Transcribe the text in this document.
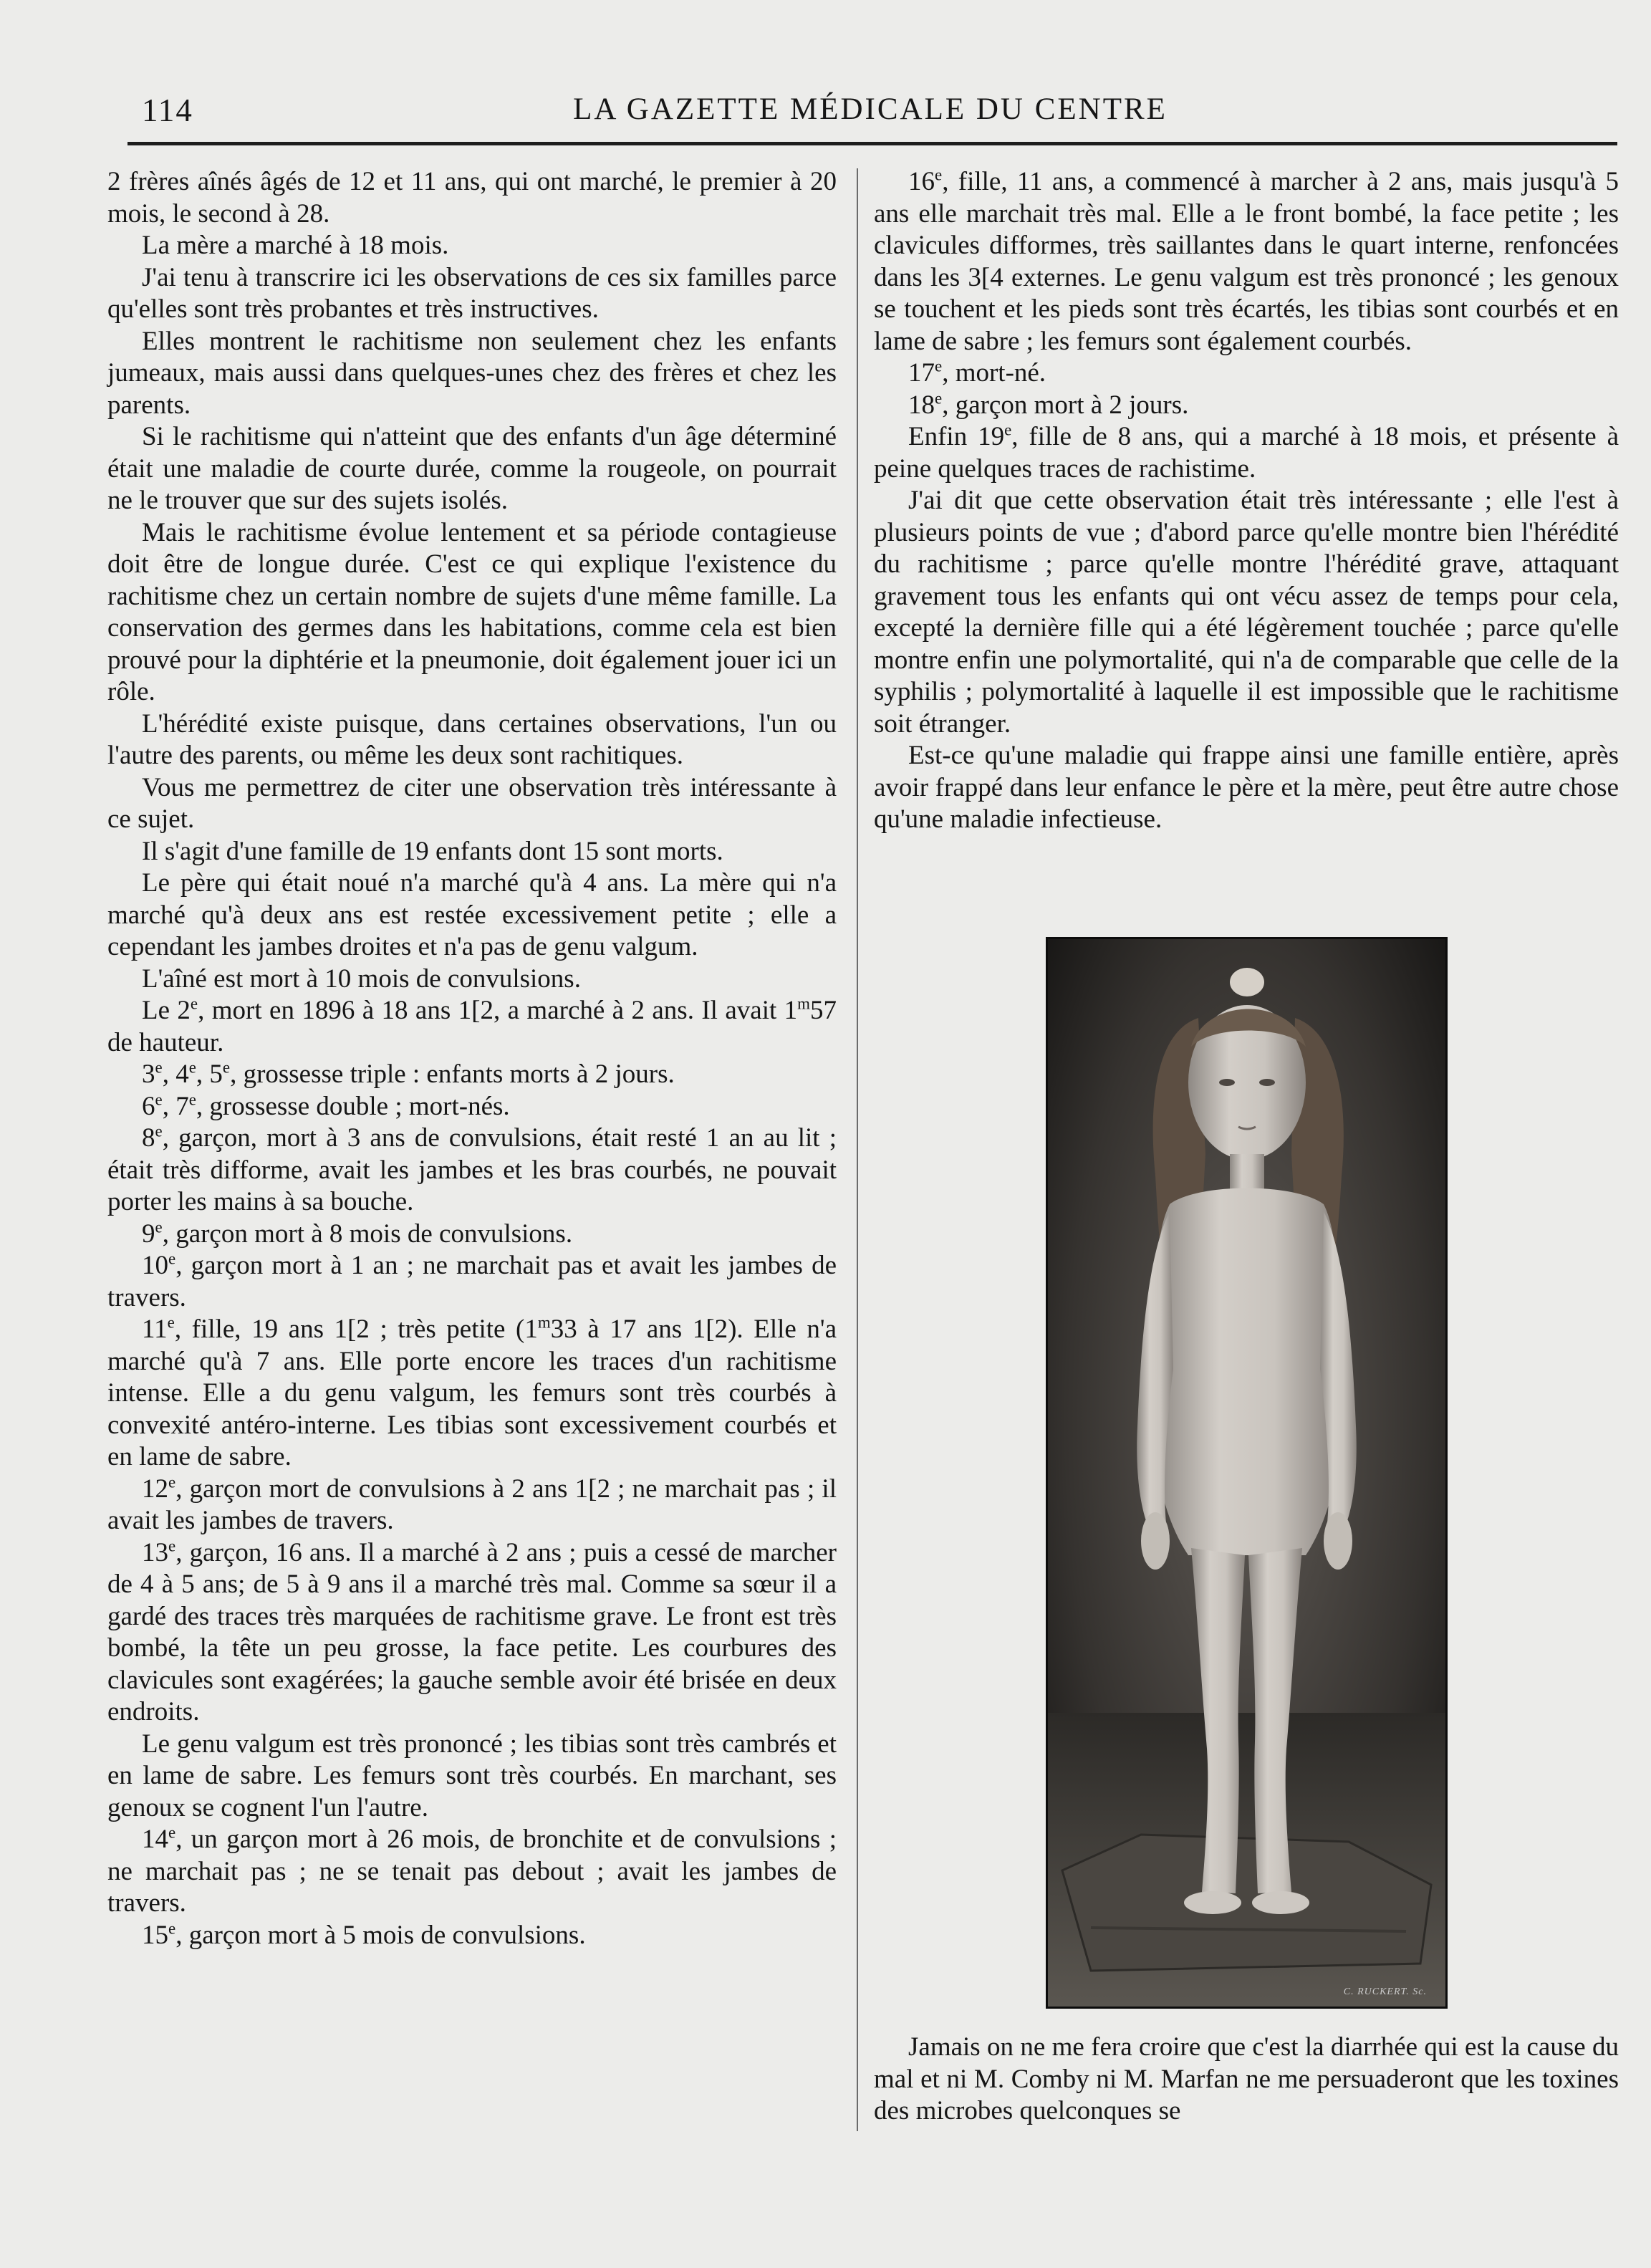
114	LA GAZETTE MÉDICALE DU CENTRE

2 frères aînés âgés de 12 et 11 ans, qui ont marché, le premier à 20 mois, le second à 28.

La mère a marché à 18 mois.

J'ai tenu à transcrire ici les observations de ces six familles parce qu'elles sont très probantes et très instructives.

Elles montrent le rachitisme non seulement chez les enfants jumeaux, mais aussi dans quelques-unes chez des frères et chez les parents.

Si le rachitisme qui n'atteint que des enfants d'un âge déterminé était une maladie de courte durée, comme la rougeole, on pourrait ne le trouver que sur des sujets isolés.

Mais le rachitisme évolue lentement et sa période contagieuse doit être de longue durée. C'est ce qui explique l'existence du rachitisme chez un certain nombre de sujets d'une même famille. La conservation des germes dans les habitations, comme cela est bien prouvé pour la diphtérie et la pneumonie, doit également jouer ici un rôle.

L'hérédité existe puisque, dans certaines observations, l'un ou l'autre des parents, ou même les deux sont rachitiques.

Vous me permettrez de citer une observation très intéressante à ce sujet.

Il s'agit d'une famille de 19 enfants dont 15 sont morts.

Le père qui était noué n'a marché qu'à 4 ans. La mère qui n'a marché qu'à deux ans est restée excessivement petite ; elle a cependant les jambes droites et n'a pas de genu valgum.

L'aîné est mort à 10 mois de convulsions.

Le 2e, mort en 1896 à 18 ans 1[2, a marché à 2 ans. Il avait 1$^m$57 de hauteur.

3e, 4e, 5e, grossesse triple : enfants morts à 2 jours.

6e, 7e, grossesse double ; mort-nés.

8e, garçon, mort à 3 ans de convulsions, était resté 1 an au lit ; était très difforme, avait les jambes et les bras courbés, ne pouvait porter les mains à sa bouche.

9e, garçon mort à 8 mois de convulsions.

10e, garçon mort à 1 an ; ne marchait pas et avait les jambes de travers.

11e, fille, 19 ans 1[2 ; très petite (1$^m$33 à 17 ans 1[2). Elle n'a marché qu'à 7 ans. Elle porte encore les traces d'un rachitisme intense. Elle a du genu valgum, les femurs sont très courbés à convexité antéro-interne. Les tibias sont excessivement courbés et en lame de sabre.

12e, garçon mort de convulsions à 2 ans 1[2 ; ne marchait pas ; il avait les jambes de travers.

13e, garçon, 16 ans. Il a marché à 2 ans ; puis a cessé de marcher de 4 à 5 ans; de 5 à 9 ans il a marché très mal. Comme sa sœur il a gardé des traces très marquées de rachitisme grave. Le front est très bombé, la tête un peu grosse, la face petite. Les courbures des clavicules sont exagérées; la gauche semble avoir été brisée en deux endroits.

Le genu valgum est très prononcé ; les tibias sont très cambrés et en lame de sabre. Les femurs sont très courbés. En marchant, ses genoux se cognent l'un l'autre.

14e, un garçon mort à 26 mois, de bronchite et de convulsions ; ne marchait pas ; ne se tenait pas debout ; avait les jambes de travers.

15e, garçon mort à 5 mois de convulsions.

16e, fille, 11 ans, a commencé à marcher à 2 ans, mais jusqu'à 5 ans elle marchait très mal. Elle a le front bombé, la face petite ; les clavicules difformes, très saillantes dans le quart interne, renfoncées dans les 3[4 externes. Le genu valgum est très prononcé ; les genoux se touchent et les pieds sont très écartés, les tibias sont courbés et en lame de sabre ; les femurs sont également courbés.

17e, mort-né.

18e, garçon mort à 2 jours.

Enfin 19e, fille de 8 ans, qui a marché à 18 mois, et présente à peine quelques traces de rachistime.

J'ai dit que cette observation était très intéressante ; elle l'est à plusieurs points de vue ; d'abord parce qu'elle montre bien l'hérédité du rachitisme ; parce qu'elle montre l'hérédité grave, attaquant gravement tous les enfants qui ont vécu assez de temps pour cela, excepté la dernière fille qui a été légèrement touchée ; parce qu'elle montre enfin une polymortalité, qui n'a de comparable que celle de la syphilis ; polymortalité à laquelle il est impossible que le rachitisme soit étranger.

Est-ce qu'une maladie qui frappe ainsi une famille entière, après avoir frappé dans leur enfance le père et la mère, peut être autre chose qu'une maladie infectieuse.

C. RUCKERT. Sc.

Jamais on ne me fera croire que c'est la diarrhée qui est la cause du mal et ni M. Comby ni M. Marfan ne me persuaderont que les toxines des microbes quelconques se
